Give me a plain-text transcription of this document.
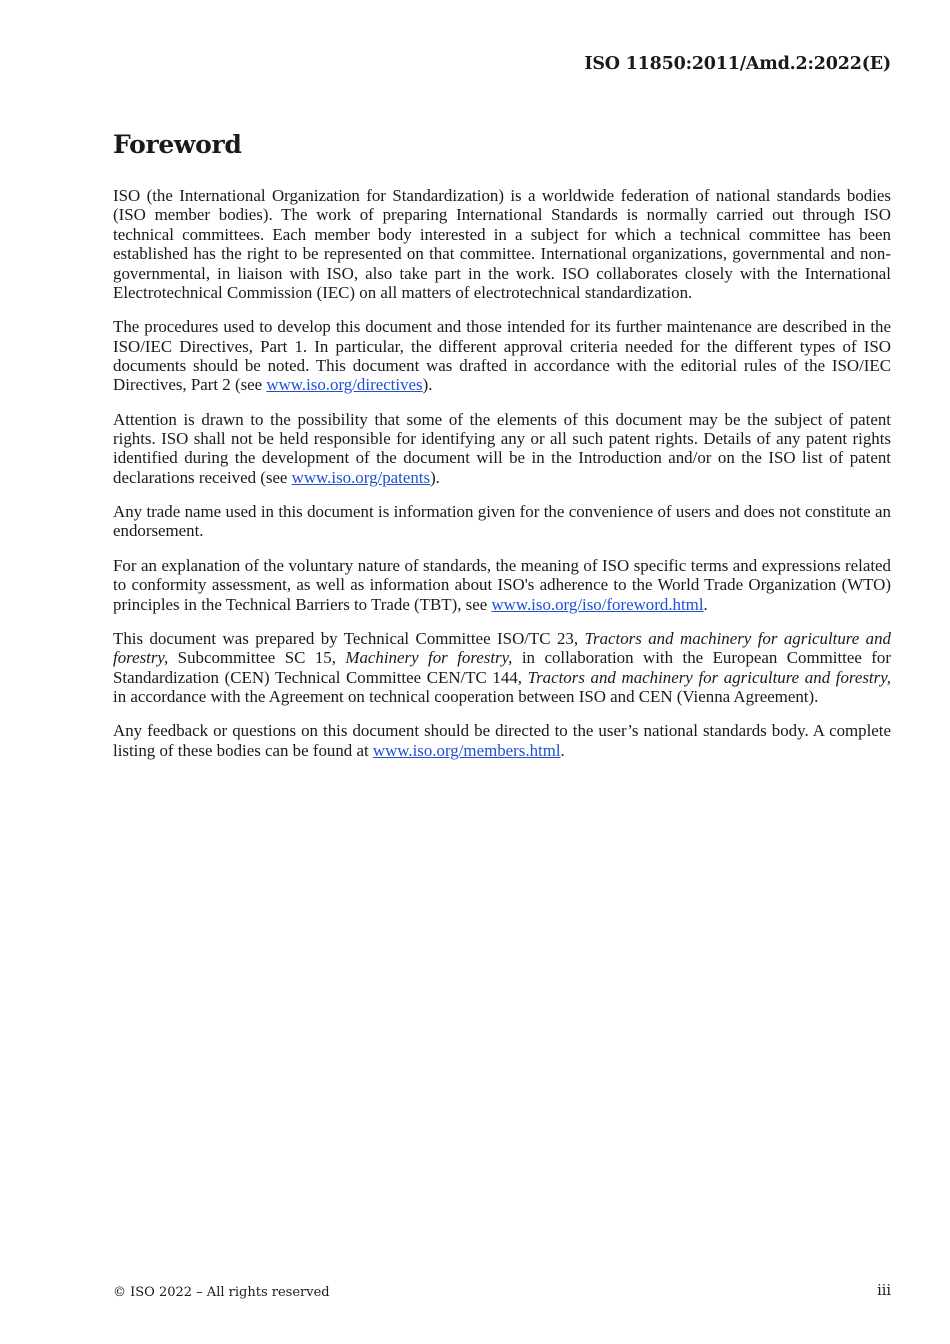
ISO 11850:2011/Amd.2:2022(E)
Foreword

ISO (the International Organization for Standardization) is a worldwide federation of national standards bodies (ISO member bodies). The work of preparing International Standards is normally carried out through ISO technical committees. Each member body interested in a subject for which a technical committee has been established has the right to be represented on that committee. International organizations, governmental and non-governmental, in liaison with ISO, also take part in the work. ISO collaborates closely with the International Electrotechnical Commission (IEC) on all matters of electrotechnical standardization.

The procedures used to develop this document and those intended for its further maintenance are described in the ISO/IEC Directives, Part 1. In particular, the different approval criteria needed for the different types of ISO documents should be noted. This document was drafted in accordance with the editorial rules of the ISO/IEC Directives, Part 2 (see www.iso.org/directives).

Attention is drawn to the possibility that some of the elements of this document may be the subject of patent rights. ISO shall not be held responsible for identifying any or all such patent rights. Details of any patent rights identified during the development of the document will be in the Introduction and/or on the ISO list of patent declarations received (see www.iso.org/patents).

Any trade name used in this document is information given for the convenience of users and does not constitute an endorsement.

For an explanation of the voluntary nature of standards, the meaning of ISO specific terms and expressions related to conformity assessment, as well as information about ISO's adherence to the World Trade Organization (WTO) principles in the Technical Barriers to Trade (TBT), see www.iso.org/iso/foreword.html.

This document was prepared by Technical Committee ISO/TC 23, Tractors and machinery for agriculture and forestry, Subcommittee SC 15, Machinery for forestry, in collaboration with the European Committee for Standardization (CEN) Technical Committee CEN/TC 144, Tractors and machinery for agriculture and forestry, in accordance with the Agreement on technical cooperation between ISO and CEN (Vienna Agreement).

Any feedback or questions on this document should be directed to the user’s national standards body. A complete listing of these bodies can be found at www.iso.org/members.html.

© ISO 2022 – All rights reserved	iii
